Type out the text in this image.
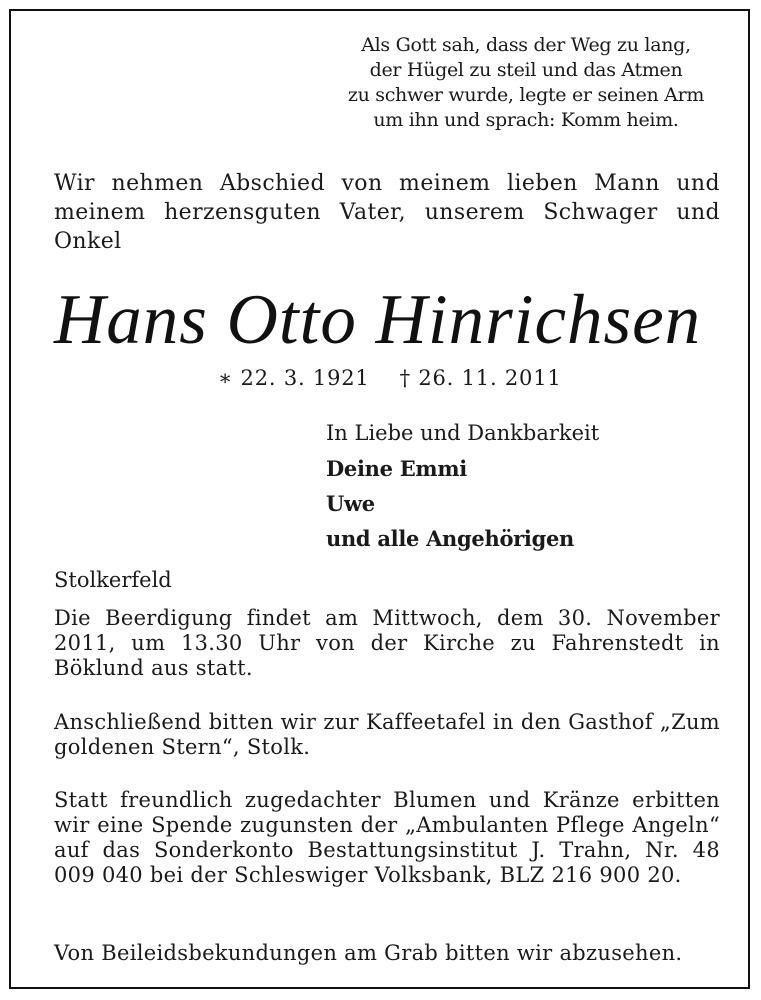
Als Gott sah, dass der Weg zu lang,
der Hügel zu steil und das Atmen
zu schwer wurde, legte er seinen Arm
um ihn und sprach: Komm heim.
Wir nehmen Abschied von meinem lieben Mann und meinem herzensguten Vater, unserem Schwager und Onkel
Hans Otto Hinrichsen
∗ 22. 3. 1921 † 26. 11. 2011
In Liebe und Dankbarkeit
Deine Emmi
Uwe
und alle Angehörigen
Stolkerfeld
Die Beerdigung findet am Mittwoch, dem 30. November 2011, um 13.30 Uhr von der Kirche zu Fahrenstedt in Böklund aus statt.
Anschließend bitten wir zur Kaffeetafel in den Gasthof „Zum goldenen Stern“, Stolk.
Statt freundlich zugedachter Blumen und Kränze erbitten wir eine Spende zugunsten der „Ambulanten Pflege Angeln“ auf das Sonderkonto Bestattungsinstitut J. Trahn, Nr. 48 009 040 bei der Schleswiger Volksbank, BLZ 216 900 20.
Von Beileidsbekundungen am Grab bitten wir abzusehen.
